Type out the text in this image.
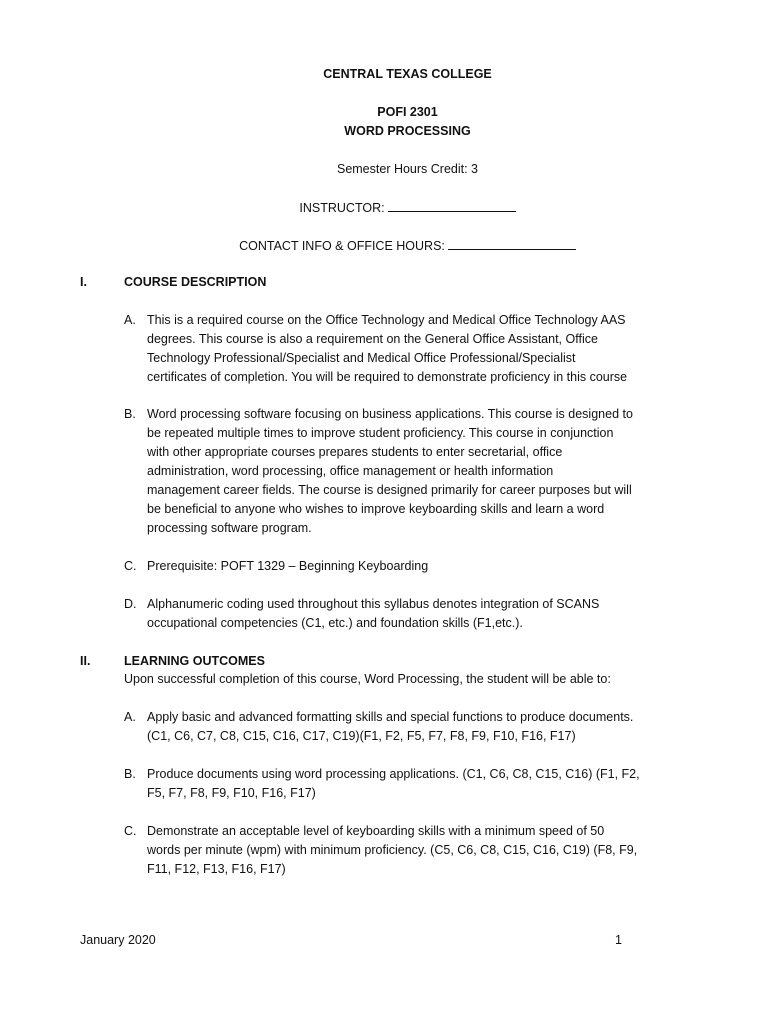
CENTRAL TEXAS COLLEGE
POFI 2301
WORD PROCESSING
Semester Hours Credit: 3
INSTRUCTOR:
CONTACT INFO & OFFICE HOURS:
I.	COURSE DESCRIPTION
A. This is a required course on the Office Technology and Medical Office Technology AAS
degrees. This course is also a requirement on the General Office Assistant, Office
Technology Professional/Specialist and Medical Office Professional/Specialist
certificates of completion. You will be required to demonstrate proficiency in this course
B. Word processing software focusing on business applications. This course is designed to
be repeated multiple times to improve student proficiency. This course in conjunction
with other appropriate courses prepares students to enter secretarial, office
administration, word processing, office management or health information
management career fields. The course is designed primarily for career purposes but will
be beneficial to anyone who wishes to improve keyboarding skills and learn a word
processing software program.
C. Prerequisite: POFT 1329 – Beginning Keyboarding
D. Alphanumeric coding used throughout this syllabus denotes integration of SCANS
occupational competencies (C1, etc.) and foundation skills (F1,etc.).
II.	LEARNING OUTCOMES
Upon successful completion of this course, Word Processing, the student will be able to:
A. Apply basic and advanced formatting skills and special functions to produce documents.
(C1, C6, C7, C8, C15, C16, C17, C19)(F1, F2, F5, F7, F8, F9, F10, F16, F17)
B. Produce documents using word processing applications. (C1, C6, C8, C15, C16) (F1, F2,
F5, F7, F8, F9, F10, F16, F17)
C. Demonstrate an acceptable level of keyboarding skills with a minimum speed of 50
words per minute (wpm) with minimum proficiency. (C5, C6, C8, C15, C16, C19) (F8, F9,
F11, F12, F13, F16, F17)
January 2020	1
